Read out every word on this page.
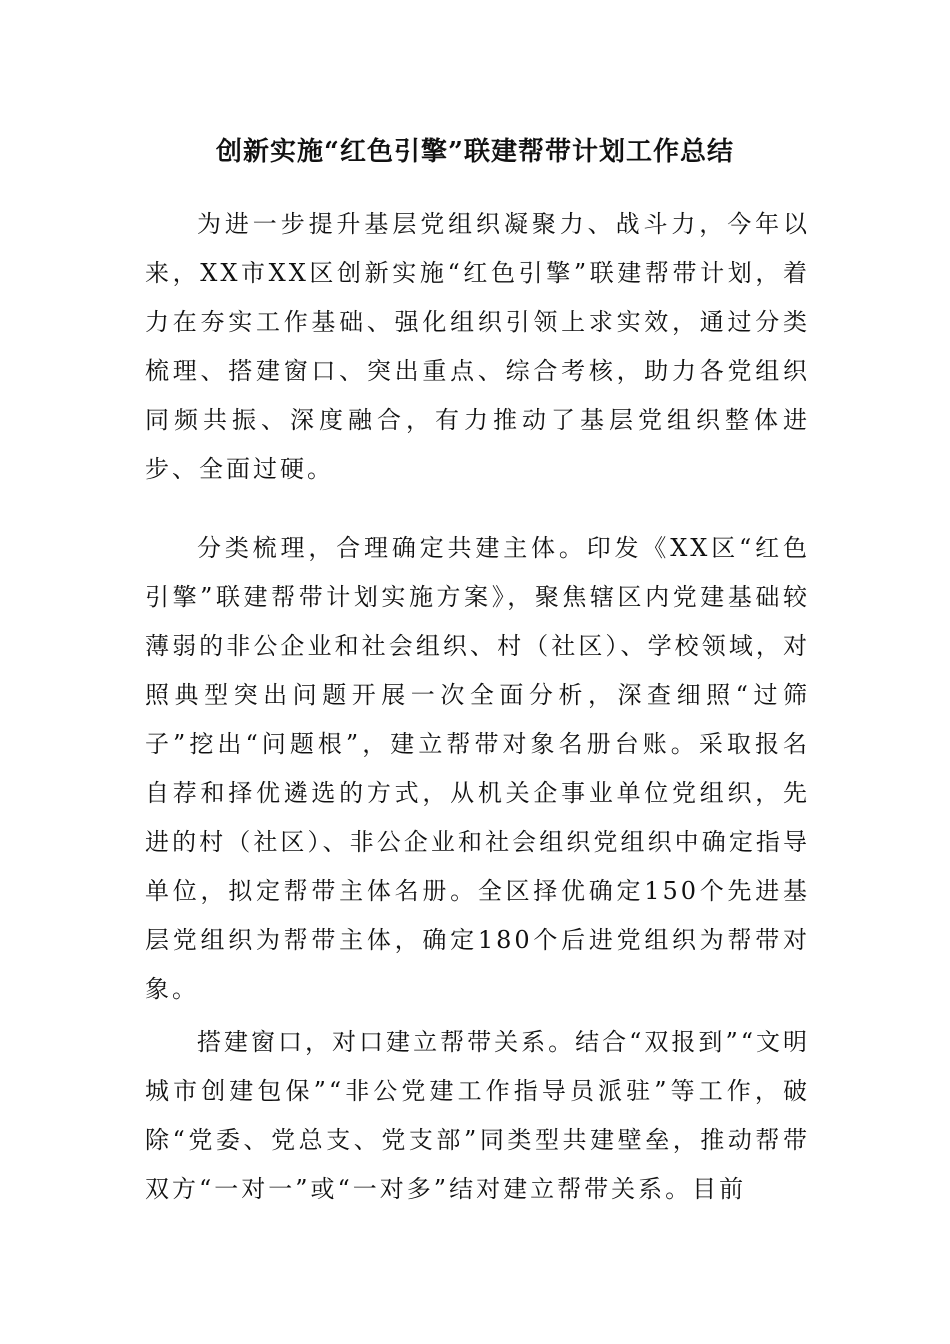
创新实施“红色引擎”联建帮带计划工作总结

为进一步提升基层党组织凝聚力、战斗力，今年以来，XX市XX区创新实施“红色引擎”联建帮带计划，着力在夯实工作基础、强化组织引领上求实效，通过分类梳理、搭建窗口、突出重点、综合考核，助力各党组织同频共振、深度融合，有力推动了基层党组织整体进步、全面过硬。

分类梳理，合理确定共建主体。印发《XX区“红色引擎”联建帮带计划实施方案》，聚焦辖区内党建基础较薄弱的非公企业和社会组织、村（社区）、学校领域，对照典型突出问题开展一次全面分析，深查细照“过筛子”挖出“问题根”，建立帮带对象名册台账。采取报名自荐和择优遴选的方式，从机关企事业单位党组织，先进的村（社区）、非公企业和社会组织党组织中确定指导单位，拟定帮带主体名册。全区择优确定150个先进基层党组织为帮带主体，确定180个后进党组织为帮带对象。

搭建窗口，对口建立帮带关系。结合“双报到”“文明城市创建包保”“非公党建工作指导员派驻”等工作，破除“党委、党总支、党支部”同类型共建壁垒，推动帮带双方“一对一”或“一对多”结对建立帮带关系。目前
